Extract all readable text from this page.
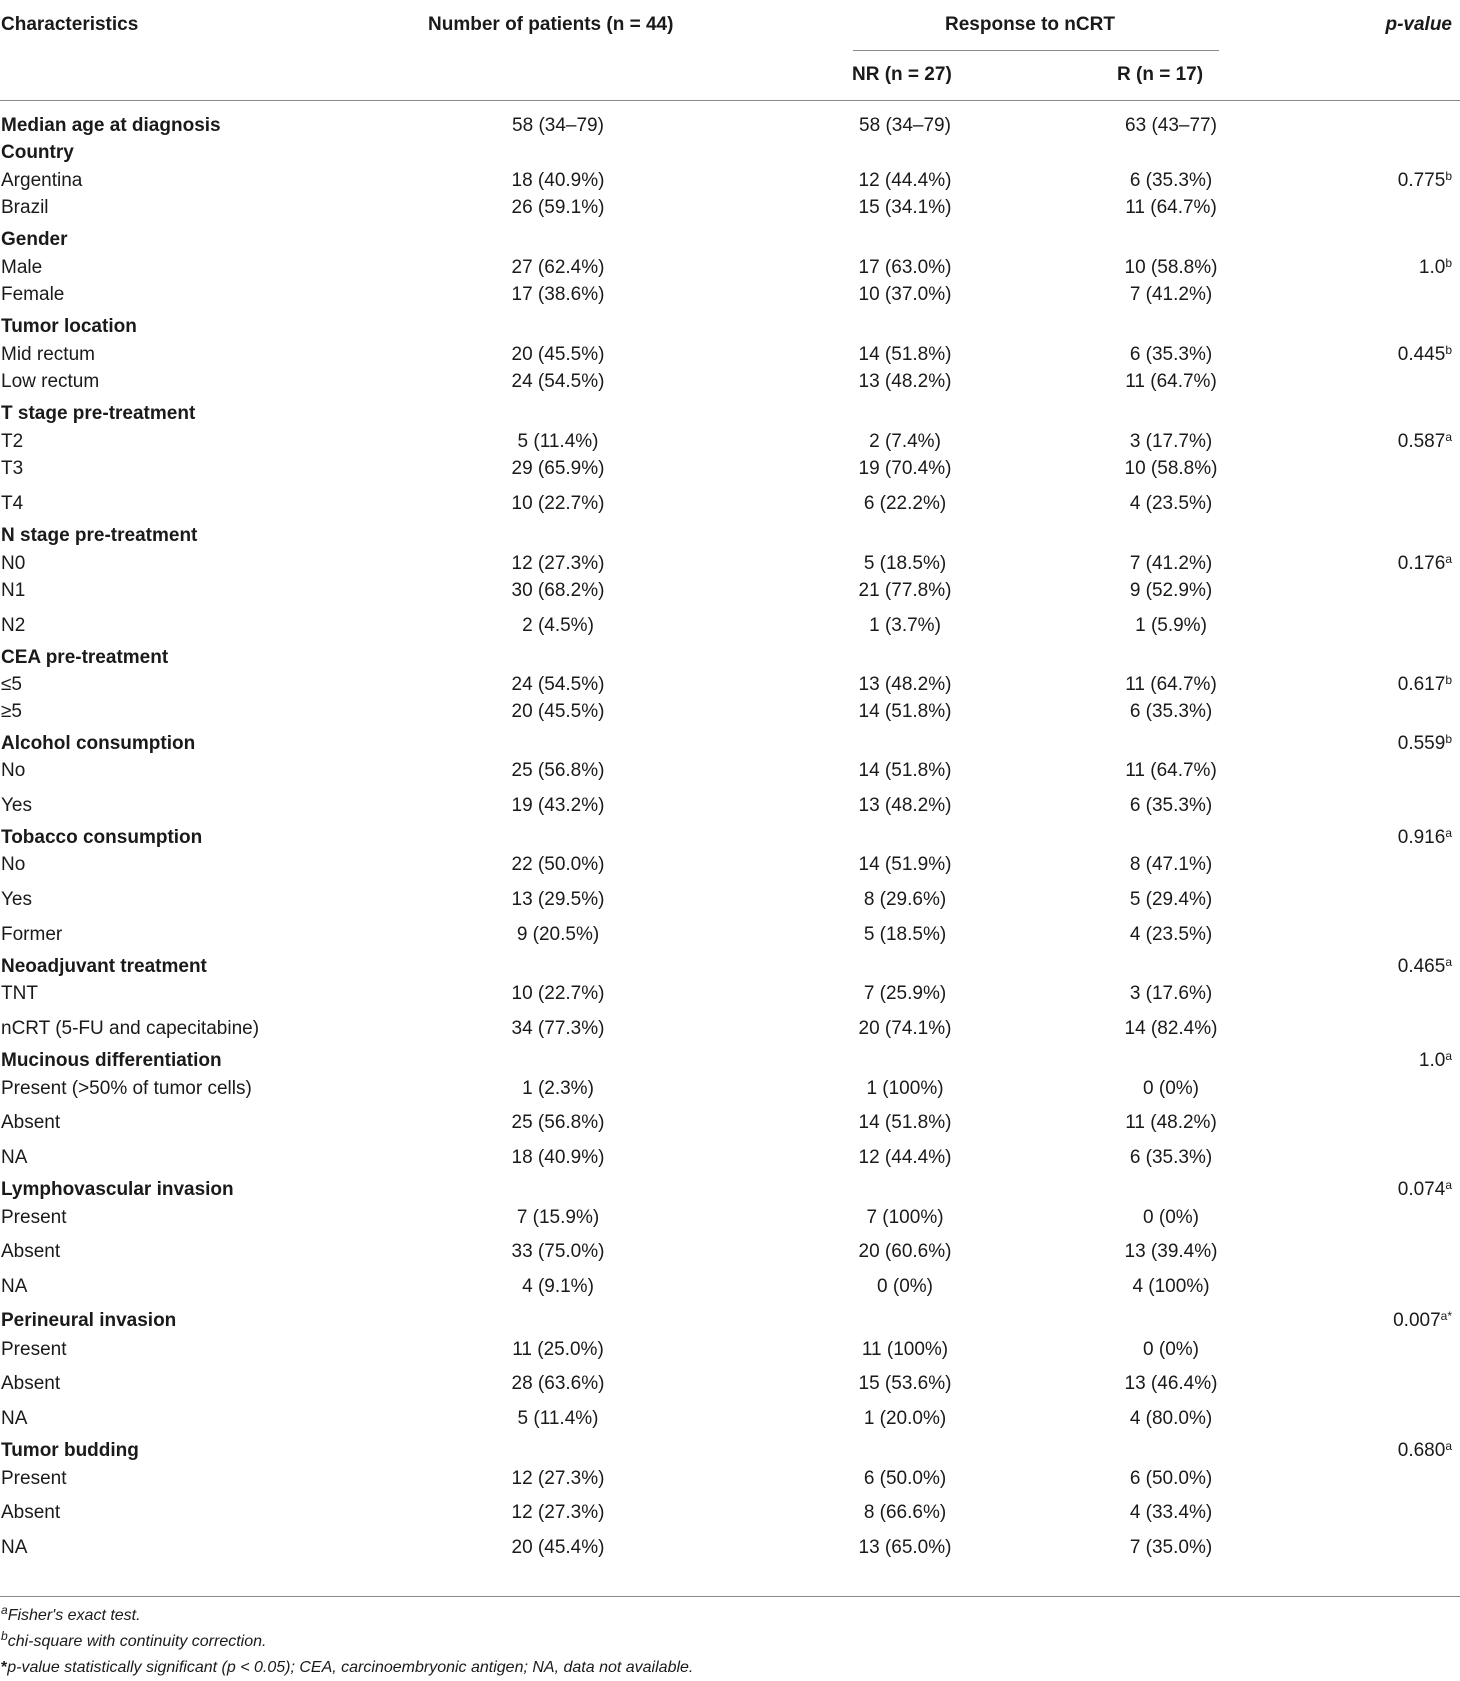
Characteristics	Number of patients (n = 44)	Response to nCRT	p-value
NR (n = 27)	R (n = 17)
Median age at diagnosis	58 (34–79)	58 (34–79)	63 (43–77)
Country
Argentina	18 (40.9%)	12 (44.4%)	6 (35.3%)	0.775$^b$
Brazil	26 (59.1%)	15 (34.1%)	11 (64.7%)
Gender
Male	27 (62.4%)	17 (63.0%)	10 (58.8%)	1.0$^b$
Female	17 (38.6%)	10 (37.0%)	7 (41.2%)
Tumor location
Mid rectum	20 (45.5%)	14 (51.8%)	6 (35.3%)	0.445$^b$
Low rectum	24 (54.5%)	13 (48.2%)	11 (64.7%)
T stage pre-treatment
T2	5 (11.4%)	2 (7.4%)	3 (17.7%)	0.587$^a$
T3	29 (65.9%)	19 (70.4%)	10 (58.8%)
T4	10 (22.7%)	6 (22.2%)	4 (23.5%)
N stage pre-treatment
N0	12 (27.3%)	5 (18.5%)	7 (41.2%)	0.176$^a$
N1	30 (68.2%)	21 (77.8%)	9 (52.9%)
N2	2 (4.5%)	1 (3.7%)	1 (5.9%)
CEA pre-treatment
≤5	24 (54.5%)	13 (48.2%)	11 (64.7%)	0.617$^b$
≥5	20 (45.5%)	14 (51.8%)	6 (35.3%)
Alcohol consumption	0.559$^b$
No	25 (56.8%)	14 (51.8%)	11 (64.7%)
Yes	19 (43.2%)	13 (48.2%)	6 (35.3%)
Tobacco consumption	0.916$^a$
No	22 (50.0%)	14 (51.9%)	8 (47.1%)
Yes	13 (29.5%)	8 (29.6%)	5 (29.4%)
Former	9 (20.5%)	5 (18.5%)	4 (23.5%)
Neoadjuvant treatment	0.465$^a$
TNT	10 (22.7%)	7 (25.9%)	3 (17.6%)
nCRT (5-FU and capecitabine)	34 (77.3%)	20 (74.1%)	14 (82.4%)
Mucinous differentiation	1.0$^a$
Present (>50% of tumor cells)	1 (2.3%)	1 (100%)	0 (0%)
Absent	25 (56.8%)	14 (51.8%)	11 (48.2%)
NA	18 (40.9%)	12 (44.4%)	6 (35.3%)
Lymphovascular invasion	0.074$^a$
Present	7 (15.9%)	7 (100%)	0 (0%)
Absent	33 (75.0%)	20 (60.6%)	13 (39.4%)
NA	4 (9.1%)	0 (0%)	4 (100%)
Perineural invasion	$0.007^{a*}$
Present	11 (25.0%)	11 (100%)	0 (0%)
Absent	28 (63.6%)	15 (53.6%)	13 (46.4%)
NA	5 (11.4%)	1 (20.0%)	4 (80.0%)
Tumor budding	0.680$^a$
Present	12 (27.3%)	6 (50.0%)	6 (50.0%)
Absent	12 (27.3%)	8 (66.6%)	4 (33.4%)
NA	20 (45.4%)	13 (65.0%)	7 (35.0%)
$^a$Fisher's exact test.
$^b$chi-square with continuity correction.
*p-value statistically significant (p < 0.05); CEA, carcinoembryonic antigen; NA, data not available.
